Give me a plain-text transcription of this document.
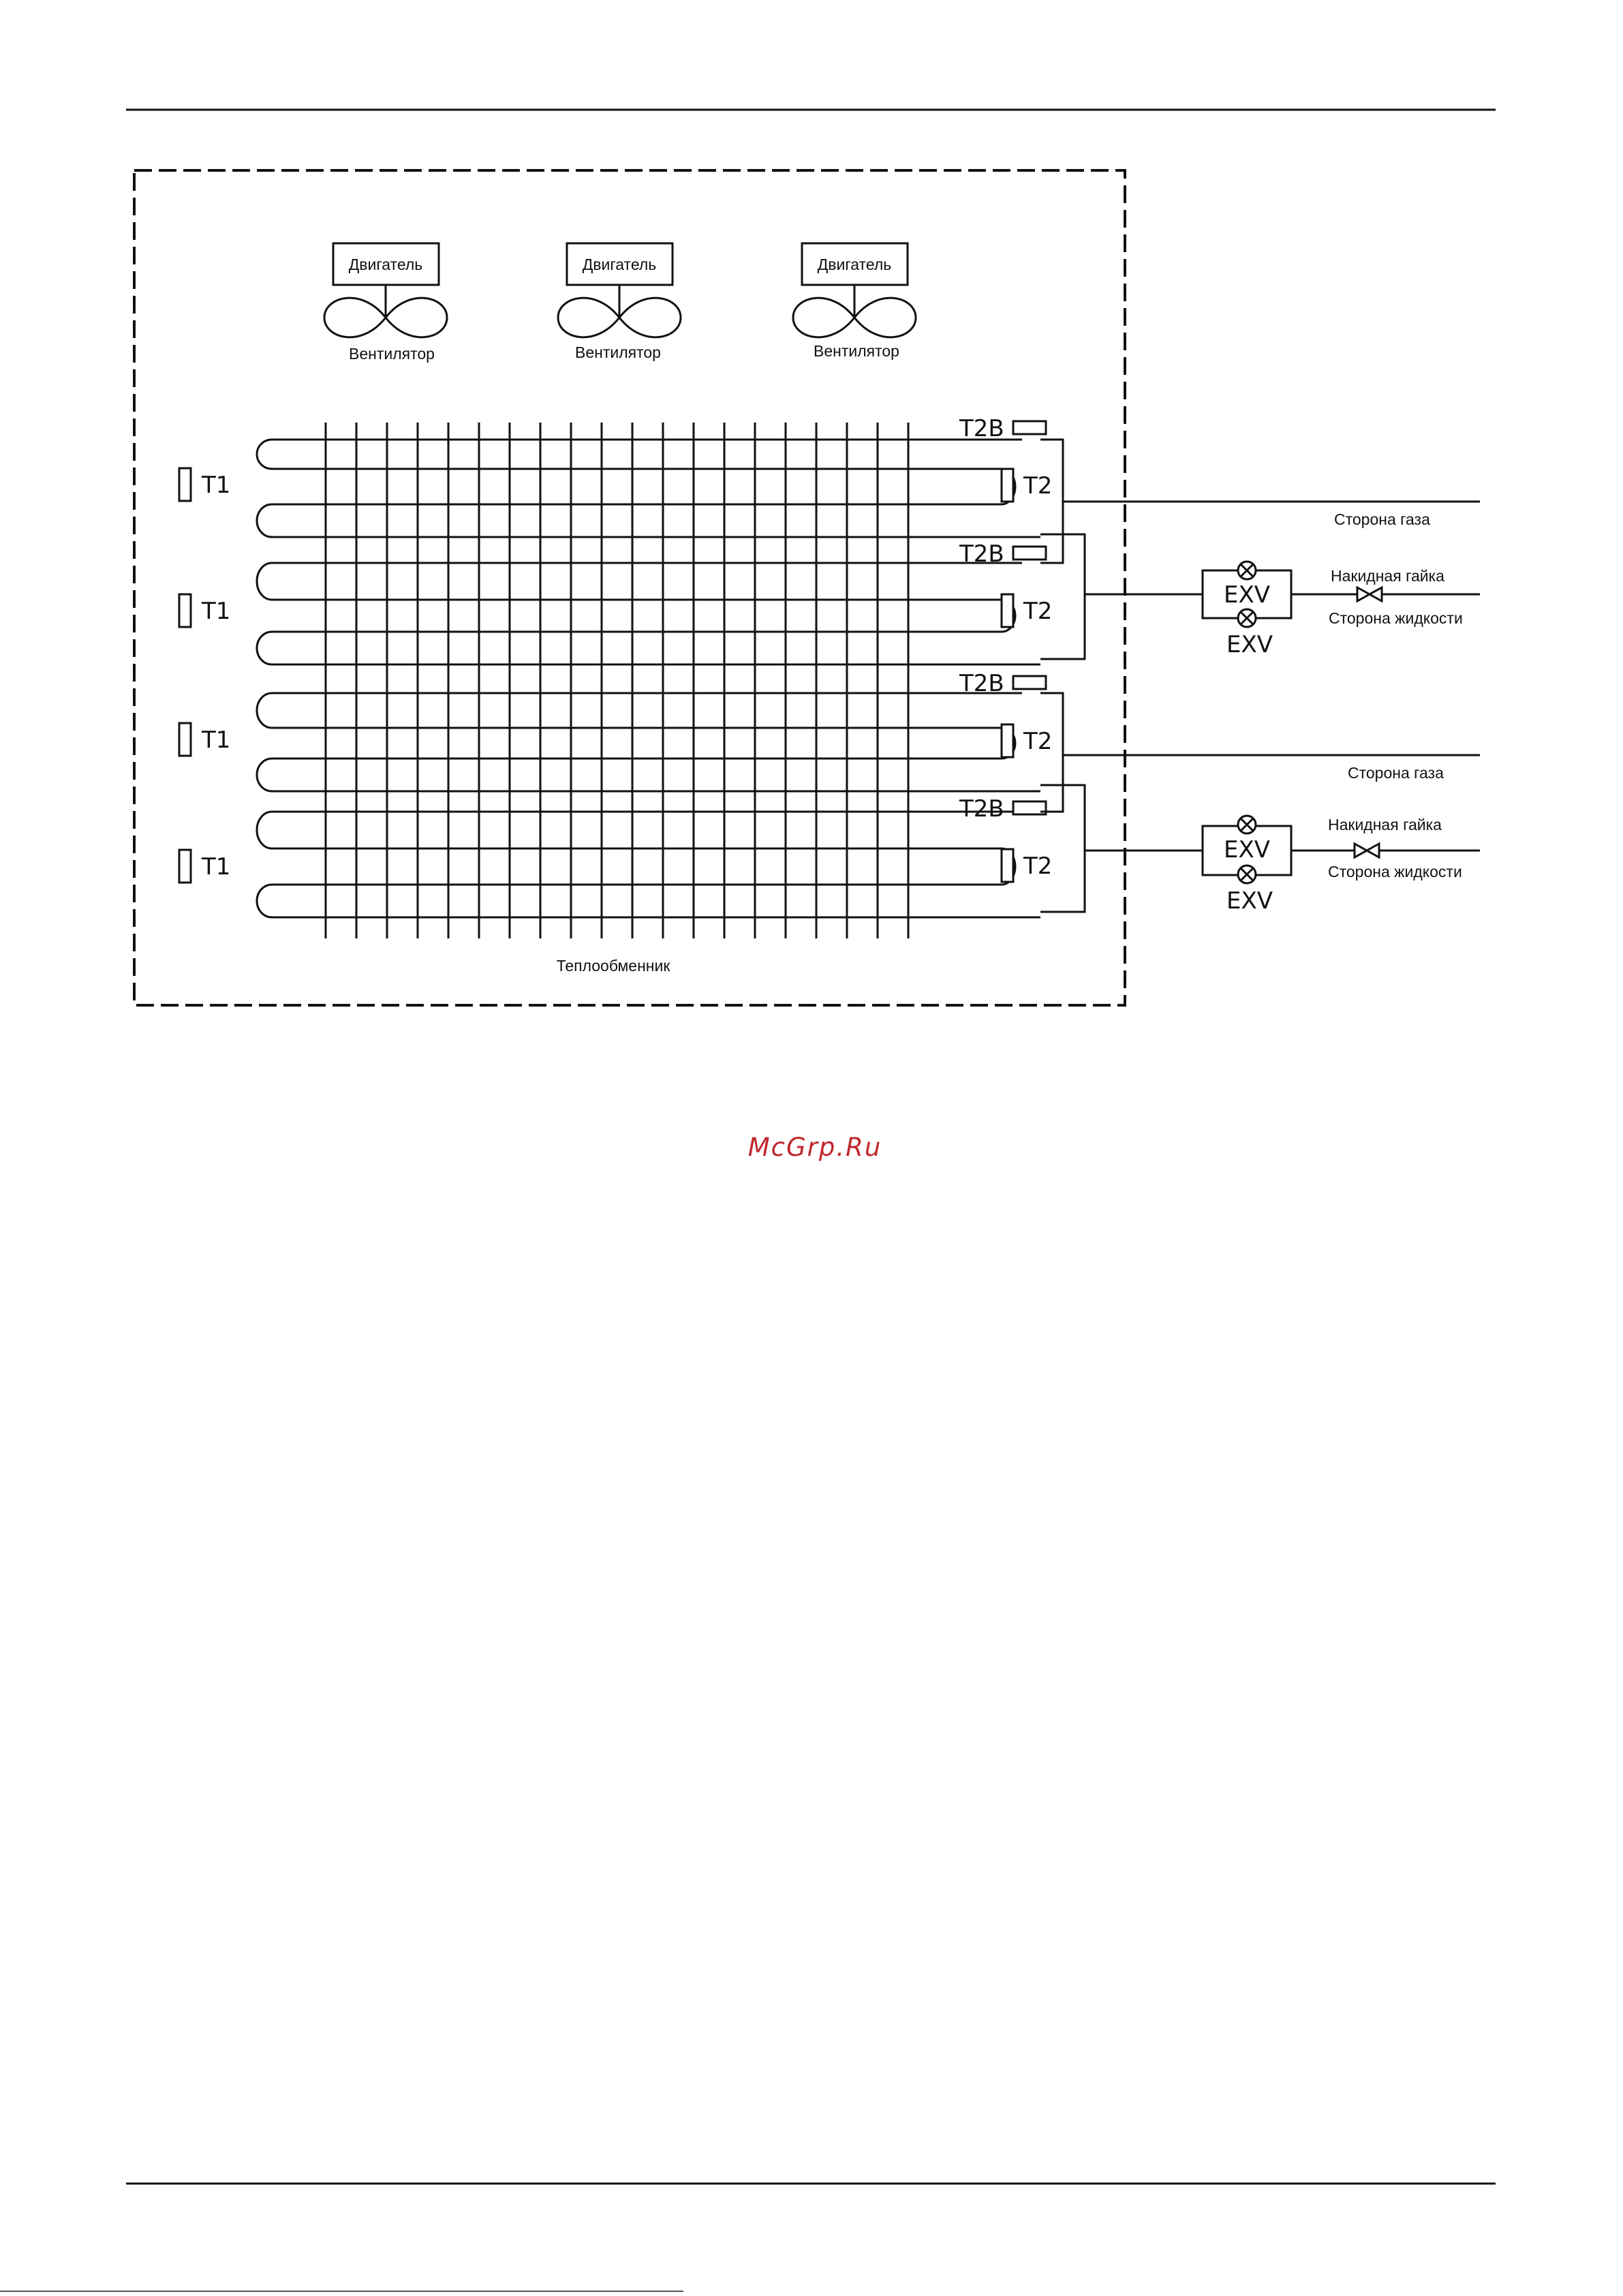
Двигатель
Вентилятор
Двигатель
Вентилятор
Двигатель
Вентилятор
T1
T1
T1
T1
T2
T2
T2
T2
T2B
T2B
T2B
T2B
EXV
EXV
EXV
EXV
Сторона газа
Накидная гайка
Сторона жидкости
Сторона газа
Накидная гайка
Сторона жидкости
Теплообменник
McGrp.Ru
